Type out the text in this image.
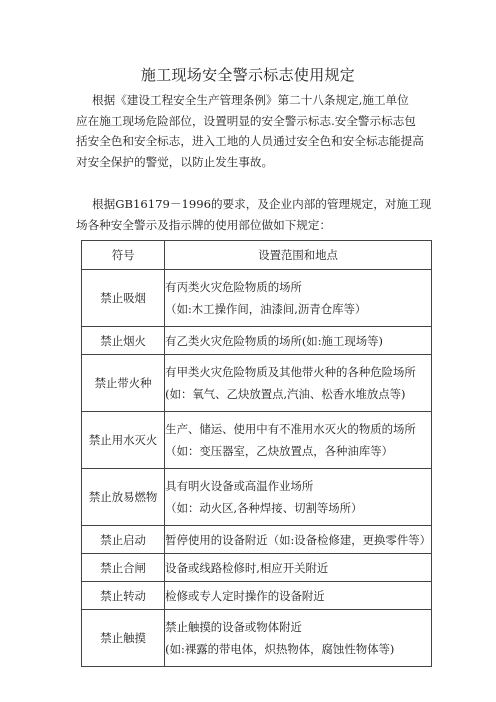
施工现场安全警示标志使用规定

根据《建设工程安全生产管理条例》第二十八条规定,施工单位
应在施工现场危险部位，设置明显的安全警示标志.安全警示标志包
括安全色和安全标志，进入工地的人员通过安全色和安全标志能提高
对安全保护的警觉，以防止发生事故。

根据GB16179－1996的要求，及企业内部的管理规定，对施工现
场各种安全警示及指示牌的使用部位做如下规定：

符号	设置范围和地点
禁止吸烟	有丙类火灾危险物质的场所
（如:木工操作间，油漆间,沥青仓库等）

禁止烟火	有乙类火灾危险物质的场所(如:施工现场等)

禁止带火种	有甲类火灾危险物质及其他带火种的各种危险场所
(如：氧气、乙炔放置点,汽油、松香水堆放点等)

禁止用水灭火	生产、储运、使用中有不准用水灭火的物质的场所
（如：变压器室，乙炔放置点，各种油库等）

禁止放易燃物	具有明火设备或高温作业场所
（如：动火区,各种焊接、切割等场所）

禁止启动	暂停使用的设备附近（如:设备检修建，更换零件等）

禁止合闸	设备或线路检修时,相应开关附近

禁止转动	检修或专人定时操作的设备附近

禁止触摸	禁止触摸的设备或物体附近
(如:裸露的带电体，炽热物体，腐蚀性物体等)
